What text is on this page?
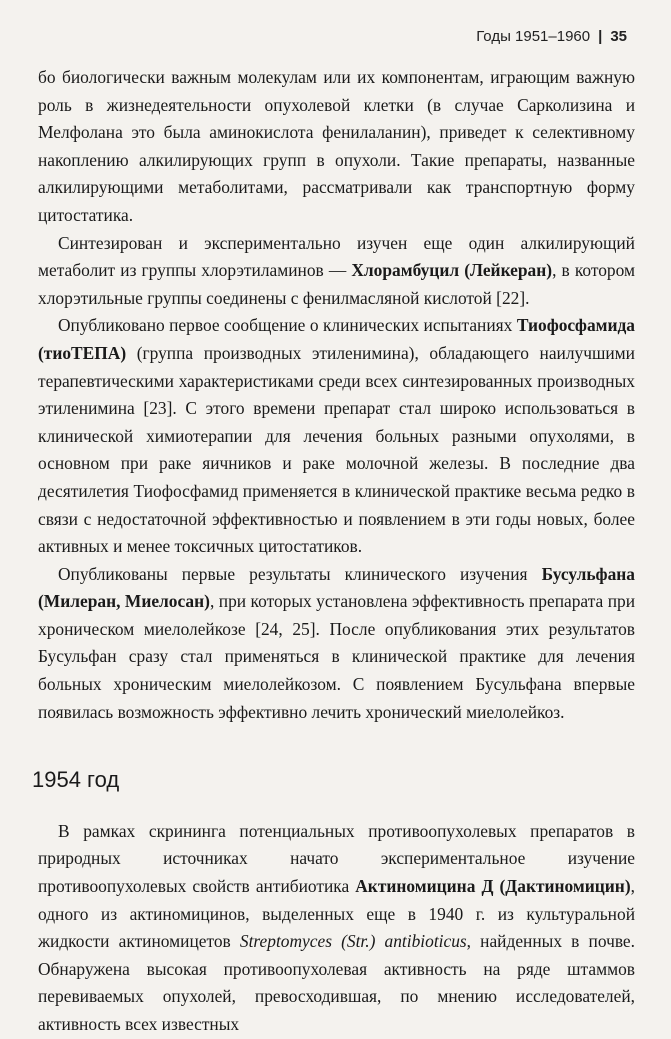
Годы 1951–1960 | 35

бо биологически важным молекулам или их компонентам, играющим важную роль в жизнедеятельности опухолевой клетки (в случае Сарколизина и Мелфолана это была аминокислота фенилаланин), приведет к селективному накоплению алкилирующих групп в опухоли. Такие препараты, названные алкилирующими метаболитами, рассматривали как транспортную форму цитостатика.

Синтезирован и экспериментально изучен еще один алкилирующий метаболит из группы хлорэтиламинов — Хлорамбуцил (Лейкеран), в котором хлорэтильные группы соединены с фенилмасляной кислотой [22].

Опубликовано первое сообщение о клинических испытаниях Тиофосфамида (тиоТЕПА) (группа производных этиленимина), обладающего наилучшими терапевтическими характеристиками среди всех синтезированных производных этиленимина [23]. С этого времени препарат стал широко использоваться в клинической химиотерапии для лечения больных разными опухолями, в основном при раке яичников и раке молочной железы. В последние два десятилетия Тиофосфамид применяется в клинической практике весьма редко в связи с недостаточной эффективностью и появлением в эти годы новых, более активных и менее токсичных цитостатиков.

Опубликованы первые результаты клинического изучения Бусульфана (Милеран, Миелосан), при которых установлена эффективность препарата при хроническом миелолейкозе [24, 25]. После опубликования этих результатов Бусульфан сразу стал применяться в клинической практике для лечения больных хроническим миелолейкозом. С появлением Бусульфана впервые появилась возможность эффективно лечить хронический миелолейкоз.

1954 год

В рамках скрининга потенциальных противоопухолевых препаратов в природных источниках начато экспериментальное изучение противоопухолевых свойств антибиотика Актиномицина Д (Дактиномицин), одного из актиномицинов, выделенных еще в 1940 г. из культуральной жидкости актиномицетов Streptomyces (Str.) antibioticus, найденных в почве. Обнаружена высокая противоопухолевая активность на ряде штаммов перевиваемых опухолей, превосходившая, по мнению исследователей, активность всех известных
